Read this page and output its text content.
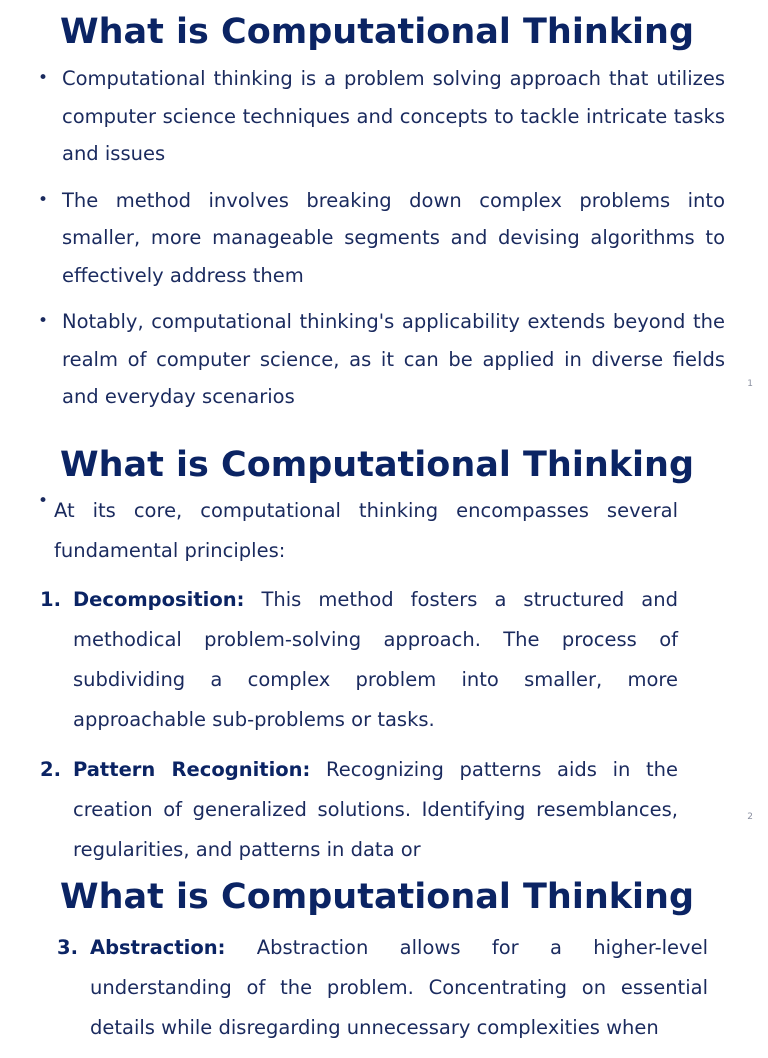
What is Computational Thinking
• Computational thinking is a problem solving approach that utilizes computer science techniques and concepts to tackle intricate tasks and issues
• The method involves breaking down complex problems into smaller, more manageable segments and devising algorithms to effectively address them
• Notably, computational thinking's applicability extends beyond the realm of computer science, as it can be applied in diverse fields and everyday scenarios
1
What is Computational Thinking

• At its core, computational thinking encompasses several fundamental principles:

1. Decomposition: This method fosters a structured and methodical problem-solving approach. The process of subdividing a complex problem into smaller, more approachable sub-problems or tasks.
2. Pattern Recognition: Recognizing patterns aids in the creation of generalized solutions. Identifying resemblances, regularities, and patterns in data or
2
What is Computational Thinking
3. Abstraction: Abstraction allows for a higher-level understanding of the problem. Concentrating on essential details while disregarding unnecessary complexities when
